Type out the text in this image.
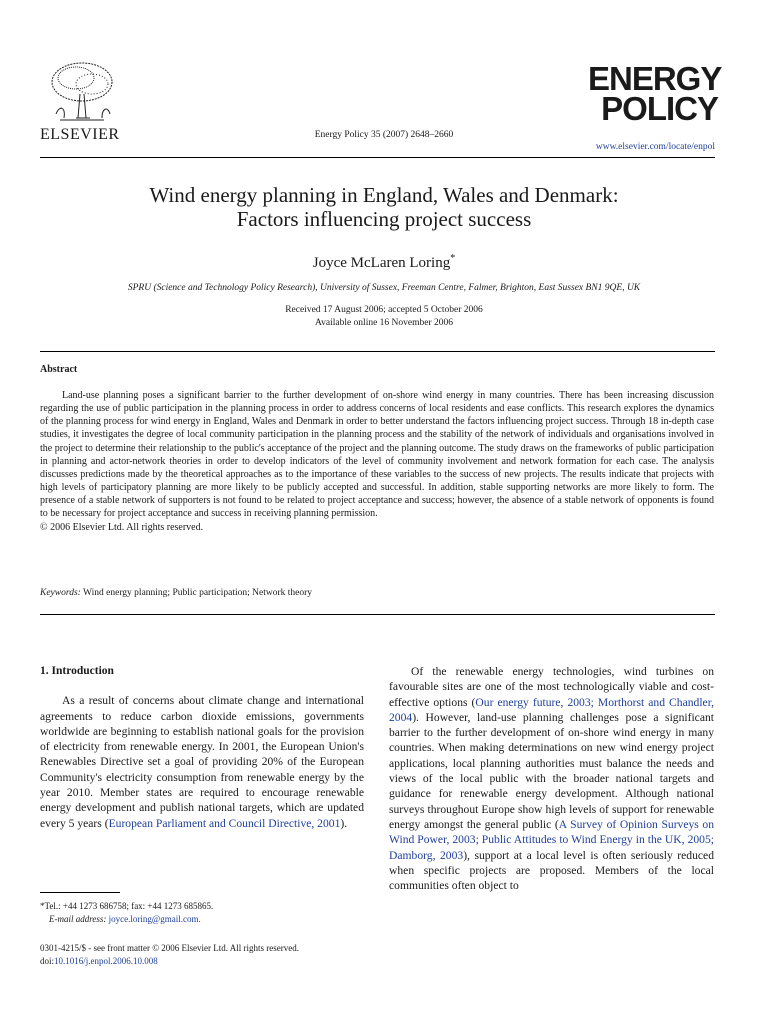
ELSEVIER	Energy Policy 35 (2007) 2648–2660
ENERGY
POLICY
www.elsevier.com/locate/enpol
Wind energy planning in England, Wales and Denmark:
Factors influencing project success
Joyce McLaren Loring*
SPRU (Science and Technology Policy Research), University of Sussex, Freeman Centre, Falmer, Brighton, East Sussex BN1 9QE, UK
Received 17 August 2006; accepted 5 October 2006
Available online 16 November 2006
Abstract

Land-use planning poses a significant barrier to the further development of on-shore wind energy in many countries. There has been increasing discussion regarding the use of public participation in the planning process in order to address concerns of local residents and ease conflicts. This research explores the dynamics of the planning process for wind energy in England, Wales and Denmark in order to better understand the factors influencing project success. Through 18 in-depth case studies, it investigates the degree of local community participation in the planning process and the stability of the network of individuals and organisations involved in the project to determine their relationship to the public's acceptance of the project and the planning outcome. The study draws on the frameworks of public participation in planning and actor-network theories in order to develop indicators of the level of community involvement and network formation for each case. The analysis discusses predictions made by the theoretical approaches as to the importance of these variables to the success of new projects. The results indicate that projects with high levels of participatory planning are more likely to be publicly accepted and successful. In addition, stable supporting networks are more likely to form. The presence of a stable network of supporters is not found to be related to project acceptance and success; however, the absence of a stable network of opponents is found to be necessary for project acceptance and success in receiving planning permission.

© 2006 Elsevier Ltd. All rights reserved.

Keywords: Wind energy planning; Public participation; Network theory
1. Introduction

As a result of concerns about climate change and international agreements to reduce carbon dioxide emissions, governments worldwide are beginning to establish national goals for the provision of electricity from renewable energy. In 2001, the European Union's Renewables Directive set a goal of providing 20% of the European Community's electricity consumption from renewable energy by the year 2010. Member states are required to encourage renewable energy development and publish national targets, which are updated every 5 years (European Parliament and Council Directive, 2001).

*Tel.: +44 1273 686758; fax: +44 1273 685865.
E-mail address: joyce.loring@gmail.com.
0301-4215/$ - see front matter © 2006 Elsevier Ltd. All rights reserved.
doi:10.1016/j.enpol.2006.10.008

Of the renewable energy technologies, wind turbines on favourable sites are one of the most technologically viable and cost-effective options (Our energy future, 2003; Morthorst and Chandler, 2004). However, land-use planning challenges pose a significant barrier to the further development of on-shore wind energy in many countries. When making determinations on new wind energy project applications, local planning authorities must balance the needs and views of the local public with the broader national targets and guidance for renewable energy development. Although national surveys throughout Europe show high levels of support for renewable energy amongst the general public (A Survey of Opinion Surveys on Wind Power, 2003; Public Attitudes to Wind Energy in the UK, 2005; Damborg, 2003), support at a local level is often seriously reduced when specific projects are proposed. Members of the local communities often object to
